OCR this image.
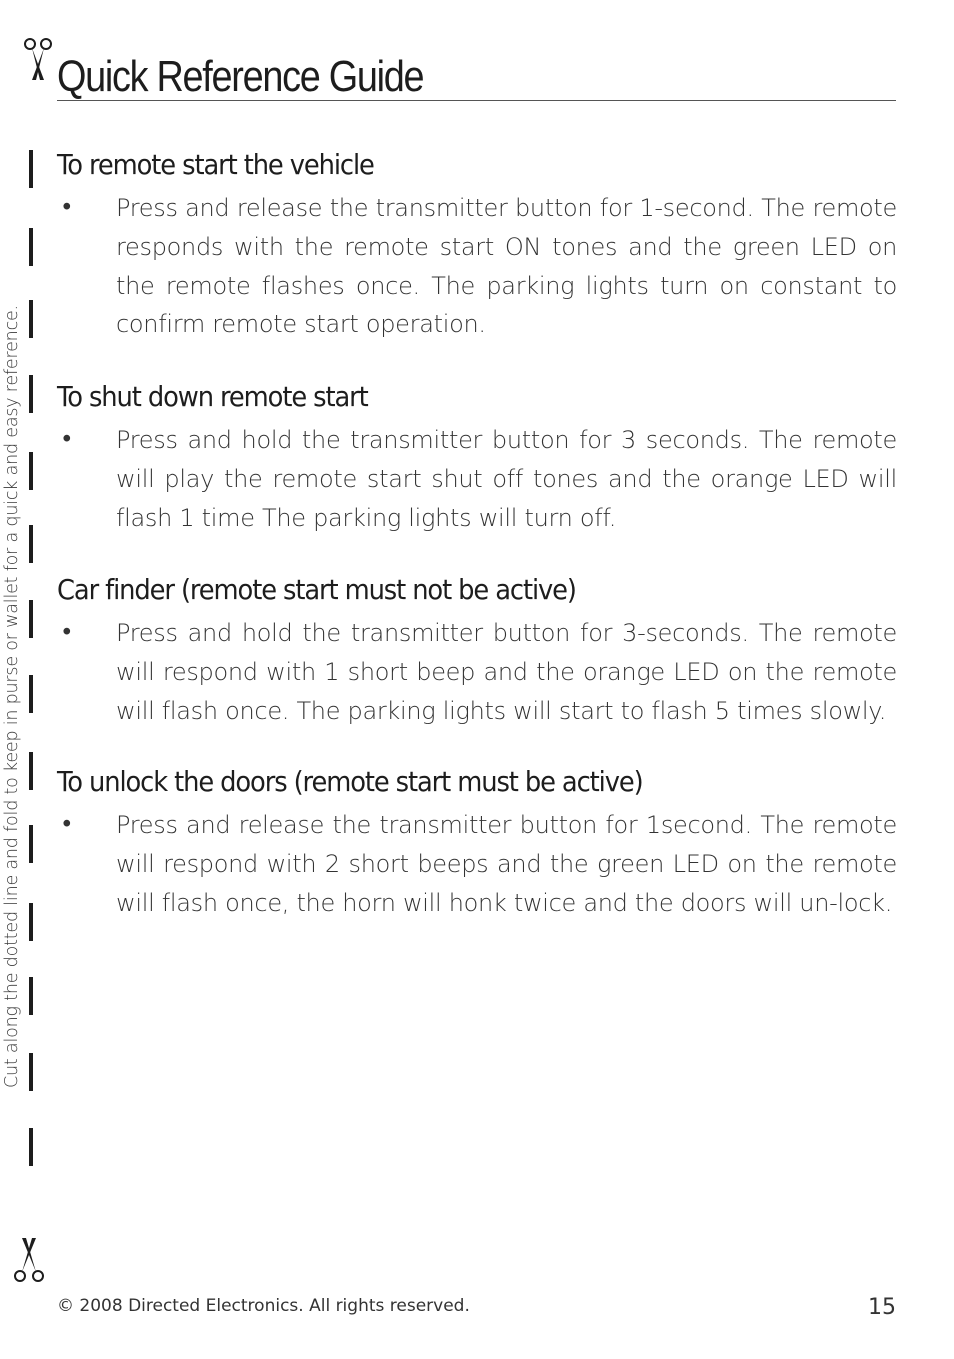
Quick Reference Guide
Cut along the dotted line and fold to keep in purse or wallet for a quick and easy reference.
To remote start the vehicle
• Press and release the transmitter button for 1-second. The remote responds with the remote start ON tones and the green LED on the remote flashes once. The parking lights turn on constant to confirm remote start operation.
To shut down remote start
• Press and hold the transmitter button for 3 seconds. The remote will play the remote start shut off tones and the orange LED will flash 1 time The parking lights will turn off.
Car finder (remote start must not be active)
• Press and hold the transmitter button for 3-seconds. The remote will respond with 1 short beep and the orange LED on the remote will flash once. The parking lights will start to flash 5 times slowly.
To unlock the doors (remote start must be active)
• Press and release the transmitter button for 1second. The remote will respond with 2 short beeps and the green LED on the remote will flash once, the horn will honk twice and the doors will un-lock.
© 2008 Directed Electronics. All rights reserved.	15
